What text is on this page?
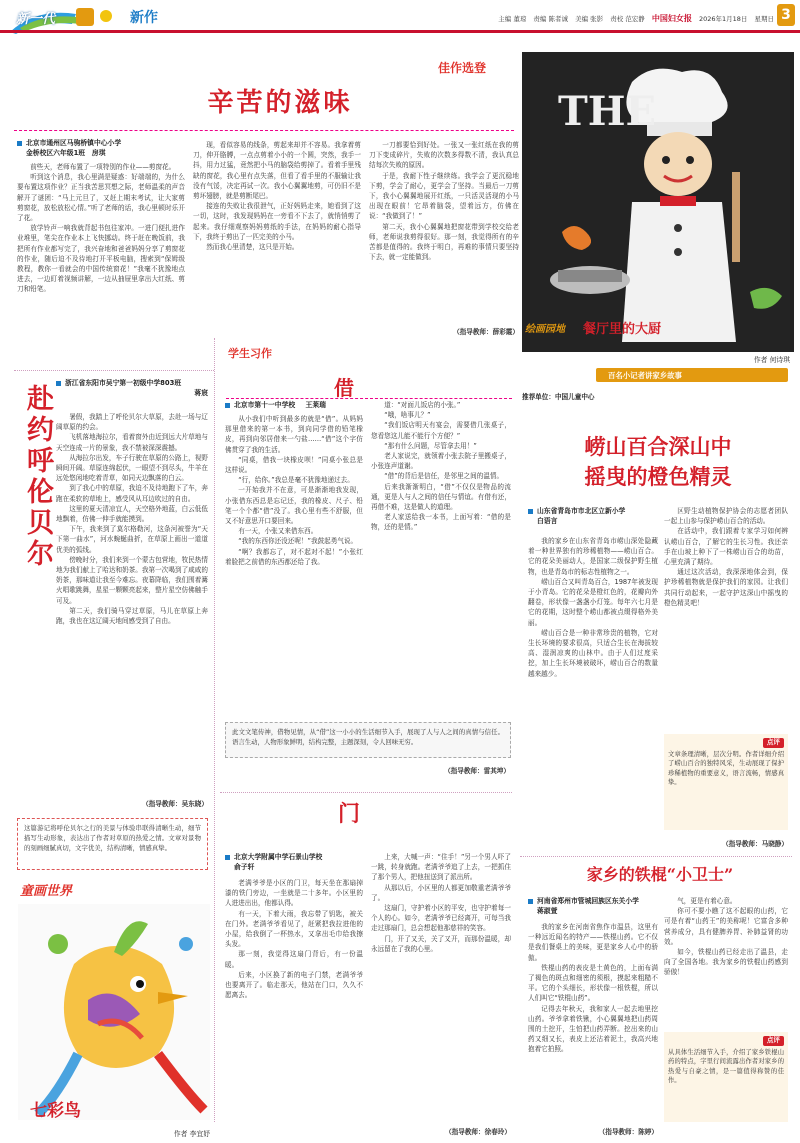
新一代	新作	主编 董琼 责编 陈者诚 美编 张影 责校 范宏静 中国妇女报 2026年1月18日 星期日 3
佳作选登
辛苦的滋味
北京市通州区马驹桥镇中心小学
金桥校区六年级1班　房琪

前些天，老师布置了一项特别的作业——剪窗花。

听到这个消息，我心里满是疑惑：好端端的，为什么要布置这项作业？正当我苦思冥想之际，老师温柔的声音解开了谜团：“马上元旦了，又赶上期末考试，让大家剪剪窗花，放松放松心情。”听了老师的话，我心里顿时乐开了花。

放学铃声一响我就背起书包往家冲。一进门便扎进作业堆里，笔尖在作业本上飞快挪动。终于赶在晚饭前，我把所有作业都写完了，我兴奋地和爸爸妈妈分享了剪窗花的作业，随后迫不及待地打开平板电脑，搜索到“保姆级教程，教你一看就会的中国传统窗花！”我毫不犹豫地点进去，一边盯着视频讲解，一边从抽屉里拿出大红纸、剪刀和铅笔。

现，看似容易的线条，剪起来却并不容易。我拿着剪刀，伸开胳膊，一点点剪着小小的一个圆，突然，我手一抖，用力过猛，竟然把小马的脑袋给剪掉了。看着手里残缺的窗花，我心里有点失落，但看了看手里的不服输让我没有气馁，决定再试一次。我小心翼翼地剪，可仍旧不是剪坏翅膀，就是剪断尾巴。

接连的失败让我很泄气，正好妈妈走来，她看到了这一切，这时，我发现妈妈在一旁看不下去了，就悄悄剪了起来。我仔细观察妈妈剪纸的手法，在妈妈的耐心指导下，我终于剪出了一匹完美的小马。

然而我心里清楚，这只是开始。

一刀都要恰到好处。一张又一张红纸在我的剪刀下变成碎片，失败的次数多得数不清，我认真总结每次失败的原因。

于是，我耐下性子继续练。我学会了更沉稳地下剪，学会了耐心，更学会了坚持。当最后一刀剪下，我小心翼翼地展开红纸，一只活灵活现的小马出现在眼前！它昂着脑袋，望着远方，仿佛在说：“我做到了！”

第二天，我小心翼翼地把窗花带到学校交给老师，老师说我剪得很好。那一刻，我觉得所有的辛苦都是值得的。我终于明白，再难的事情只要坚持下去，就一定能做到。

（指导教师：薛彩霞）
THE
绘画园地 餐厅里的大厨
作者 何诗琪
赴约呼伦贝尔
浙江省东阳市吴宁第一初级中学803班
蒋宸

暑假，我踏上了呼伦贝尔大草原，去赴一场与辽阔草原的约会。

飞机落地海拉尔，看着窗外由近到远大片草地与天空连成一片的景象，我不禁被深深震撼。

从海拉尔出发，车子行驶在草原的公路上，视野瞬间开阔。草原连绵起伏，一眼望不到尽头，牛羊在远处悠闲地吃着青草，如同天边飘落的白云。

到了我心中的草原，我迫不及待地跑下了车，奔跑在柔软的草地上，感受风从耳边吹过的自由。

这里的夏天清凉宜人，天空格外地蓝，白云低低地飘着，仿佛一伸手就能摸到。

下午，我来到了莫尔格勒河，这条河被誉为“天下第一曲水”，河水蜿蜒曲折，在草原上画出一道道优美的弧线。

傍晚时分，我们来到一个蒙古包营地，牧民热情地为我们献上了哈达和奶茶。我第一次喝到了咸咸的奶茶，那味道让我至今难忘。夜幕降临，我们围着篝火唱歌跳舞，星星一颗颗亮起来，整片星空仿佛触手可及。

第二天，我们骑马穿过草原，马儿在草原上奔跑，我也在这辽阔天地间感受到了自由。

（指导教师：吴东晓）
这篇游记将呼伦贝尔之行的美景与体验串联得清晰生动，细节描写生动形象，表达出了作者对草原的热爱之情。文章对景物的刻画细腻真切，文字优美，结构清晰，情感真挚。
学生习作
借
北京市第十一中学校 王莱瑞

从小我们中听到最多的就是“借”。从妈妈那里借来的第一本书，到向同学借的铅笔橡皮，再到向邻居借来一勺盐……“借”这个字仿佛贯穿了我的生活。

“同桌，借我一块橡皮呗！”同桌小张总是这样说。

“行，给你。”我总是毫不犹豫地递过去。

一开始我并不在意，可是渐渐地我发现，小张借东西总是忘记还，我的橡皮、尺子、铅笔一个个都“借”没了。我心里有些不舒服，但又不好意思开口要回来。

有一天，小张又来借东西。

“我的东西你还没还呢！”我鼓起勇气说。

“啊？我都忘了，对不起对不起！”小张红着脸把之前借的东西都还给了我。

道：“对面儿饭店的小张。”

“哦，啥事儿？”

“我们饭店明天有宴会，需要借几张桌子，您看您这儿能不能行个方便？”

“那有什么问题，尽管拿去用！”

老人家说完，就领着小张去院子里搬桌子，小张连声道谢。

“借”的背后是信任，是邻里之间的温情。

后来我渐渐明白，“借”不仅仅是物品的流通，更是人与人之间的信任与情谊。有借有还，再借不难，这是做人的道理。

老人家送给我一本书，上面写着：“借的是物，还的是情。”

此文文笔传神，借物见情，从“借”这一小小的生活细节入手，展现了人与人之间的真情与信任。语言生动，人物形象鲜明，结构完整，主题深刻，令人回味无穷。
（指导教师：雷其坤）
门
北京大学附属中学石景山学校
俞子轩

老满爷爷是小区的门卫，每天坐在那扇掉漆的铁门旁边，一坐就是二十多年。小区里的人进进出出，他都认得。

有一天，下着大雨，我忘带了钥匙，被关在门外。老满爷爷看见了，赶紧把我拉进他的小屋，给我倒了一杯热水，又拿出毛巾给我擦头发。

那一刻，我觉得这扇门背后，有一份温暖。

后来，小区换了新的电子门禁，老满爷爷也要离开了。临走那天，他站在门口，久久不愿离去。

上来，大喊一声：“住手！”另一个男人吓了一跳，转身就跑。老满爷爷追了上去，一把抓住了那个男人，把他扭送到了派出所。

从那以后，小区里的人都更加敬重老满爷爷了。

这扇门，守护着小区的平安，也守护着每一个人的心。如今，老满爷爷已经离开，可每当我走过那扇门，总会想起他那慈祥的笑容。

门，开了又关，关了又开，而那份温暖，却永远留在了我的心里。

（指导教师：徐春玲）
童画世界
七彩鸟
作者 李宜妤
百名小记者讲家乡故事
推荐单位：中国儿童中心
崂山百合深山中
摇曳的橙色精灵
山东省青岛市市北区立新小学
白语言

我的家乡在山东省青岛市崂山深处隐藏着一种世界独有的珍稀植物——崂山百合。它的花朵美丽动人，是国家二级保护野生植物，也是青岛市的标志性植物之一。

崂山百合又叫青岛百合，1987年被发现于小青岛。它的花朵是橙红色的，花瓣向外翻卷，形状像一盏盏小灯笼。每年六七月是它的花期，这时整个崂山都被点缀得格外美丽。

崂山百合是一种非常珍贵的植物，它对生长环境的要求很高，只适合生长在海拔较高、湿润凉爽的山林中。由于人们过度采挖，加上生长环境被破坏，崂山百合的数量越来越少。

区野生动植物保护协会的志愿者团队一起上山参与保护崂山百合的活动。

在活动中，我们跟着专家学习如何辨认崂山百合，了解它的生长习性。我还亲手在山坡上种下了一株崂山百合的幼苗，心里充满了期待。

通过这次活动，我深深地体会到，保护珍稀植物就是保护我们的家园。让我们共同行动起来，一起守护这深山中摇曳的橙色精灵吧！

点评
文章条理清晰，层次分明。作者详细介绍了崂山百合的独特风采，生动展现了保护珍稀植物的重要意义，语言流畅，情感真挚。
（指导教师：马晓静）
家乡的铁棍“小卫士”
河南省郑州市管城回族区东关小学
蒋淑萱

我的家乡在河南省焦作市温县，这里有一种远近闻名的特产——铁棍山药。它不仅是我们餐桌上的美味，更是家乡人心中的骄傲。

铁棍山药的表皮是土黄色的，上面布满了褐色的斑点和细密的须根，摸起来粗糙不平。它的个头细长，形状像一根铁棍，所以人们叫它“铁棍山药”。

记得去年秋天，我和家人一起去地里挖山药。爷爷拿着铁锹，小心翼翼地把山药周围的土挖开，生怕把山药弄断。挖出来的山药又细又长，表皮上还沾着泥土，我高兴地抱着它拍照。

气，更是有着心意。

你可不要小瞧了这不起眼的山药，它可是有着“山药王”的美称呢！它富含多种营养成分，具有健脾养胃、补肺益肾的功效。

如今，铁棍山药已经走出了温县，走向了全国各地。我为家乡的铁棍山药感到骄傲！

点评
从具体生活细节入手，介绍了家乡铁棍山药的特点，字里行间流露出作者对家乡的热爱与自豪之情，是一篇值得称赞的佳作。
（指导教师：陈婷）
